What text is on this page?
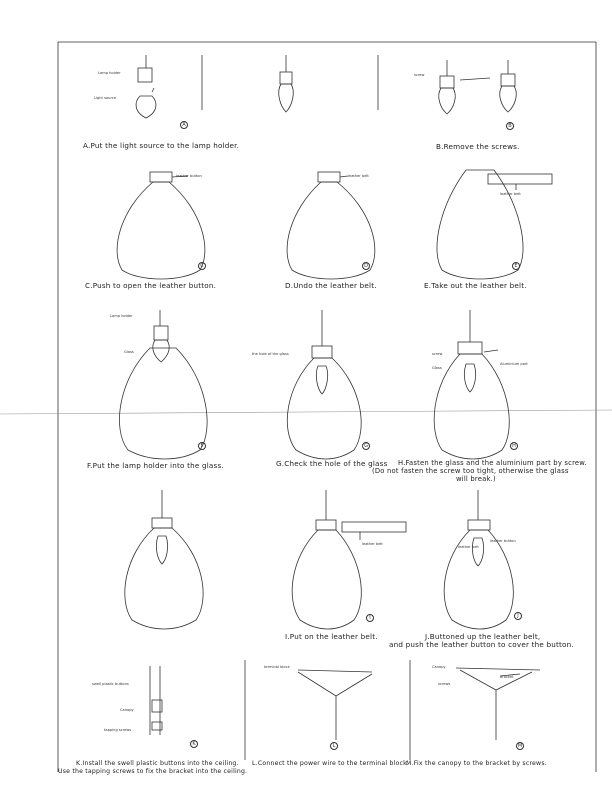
A	B
C	D	E
F	G	H
I	J
K	L	M
Lamp holder
Light source
screw
leather button	leather belt
leather belt
Lamp holder
Glass	the hole of the glass	screw
Aluminium part
Glass
leather belt
leather button
leather belt
swell plastic buttons
Canopy
tapping screws
terminal block	Canopy
bracket
screws
A.Put the light source to the lamp holder.	B.Remove the screws.
C.Push to open the leather button.	D.Undo the leather belt.	E.Take out the leather belt.
F.Put the lamp holder into the glass.	G.Check the hole of the glass H.Fasten the glass and the aluminium part by screw.
(Do not fasten the screw too tight, otherwise the glass
will break.)
I.Put on the leather belt.	J.Buttoned up the leather belt,
and push the leather button to cover the button.
K.Install the swell plastic buttons into the ceiling. L.Connect the power wire to the terminal block.
M.Fix the canopy to the bracket by screws.
Use the tapping screws to fix the bracket into the ceiling.
